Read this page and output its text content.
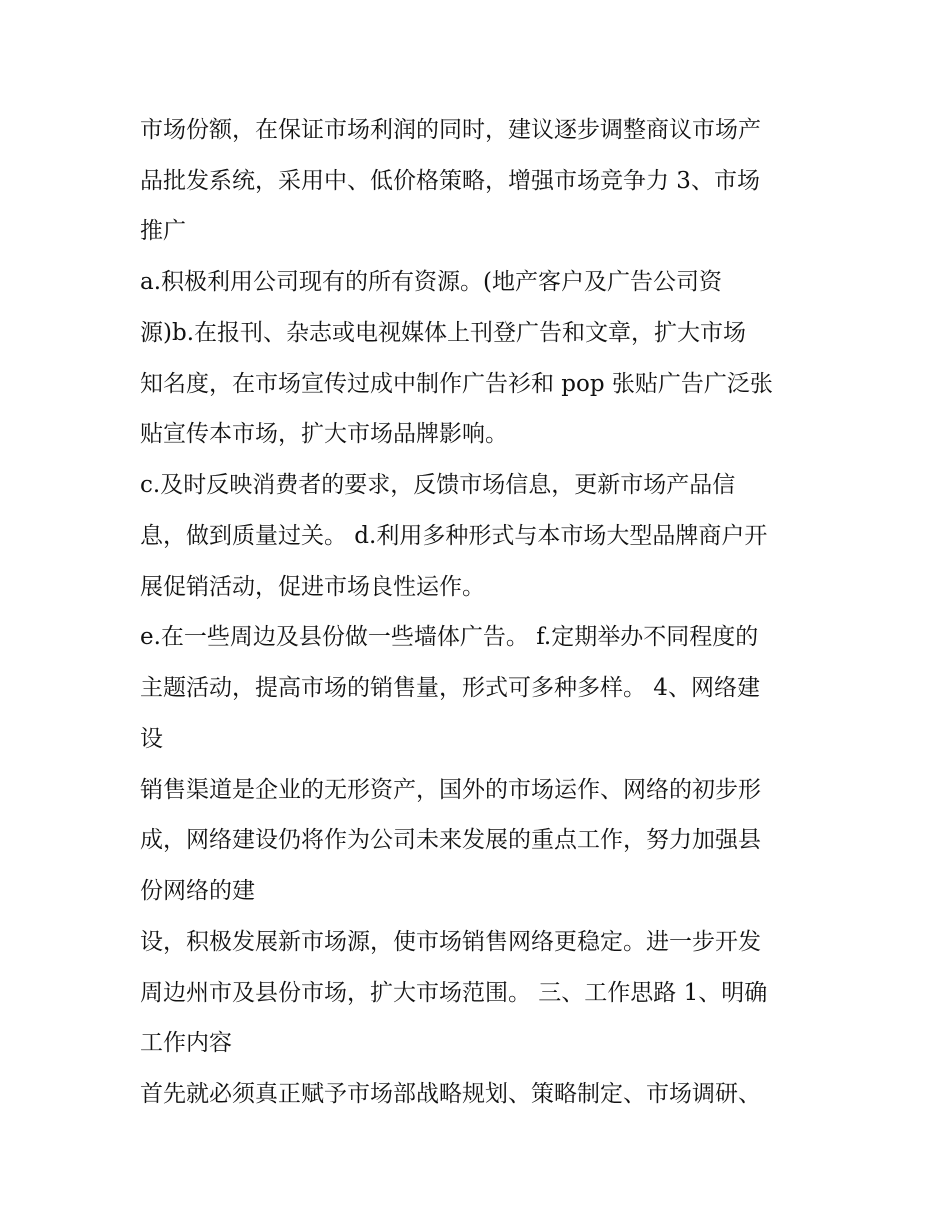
市场份额，在保证市场利润的同时，建议逐步调整商议市场产
品批发系统，采用中、低价格策略，增强市场竞争力 3、市场
推广
a.积极利用公司现有的所有资源。(地产客户及广告公司资
源)b.在报刊、杂志或电视媒体上刊登广告和文章，扩大市场
知名度，在市场宣传过成中制作广告衫和 pop 张贴广告广泛张
贴宣传本市场，扩大市场品牌影响。
c.及时反映消费者的要求，反馈市场信息，更新市场产品信
息，做到质量过关。 d.利用多种形式与本市场大型品牌商户开
展促销活动，促进市场良性运作。
e.在一些周边及县份做一些墙体广告。 f.定期举办不同程度的
主题活动，提高市场的销售量，形式可多种多样。 4、网络建
设
销售渠道是企业的无形资产，国外的市场运作、网络的初步形
成，网络建设仍将作为公司未来发展的重点工作，努力加强县
份网络的建
设，积极发展新市场源，使市场销售网络更稳定。进一步开发
周边州市及县份市场，扩大市场范围。 三、工作思路 1、明确
工作内容
首先就必须真正赋予市场部战略规划、策略制定、市场调研、
